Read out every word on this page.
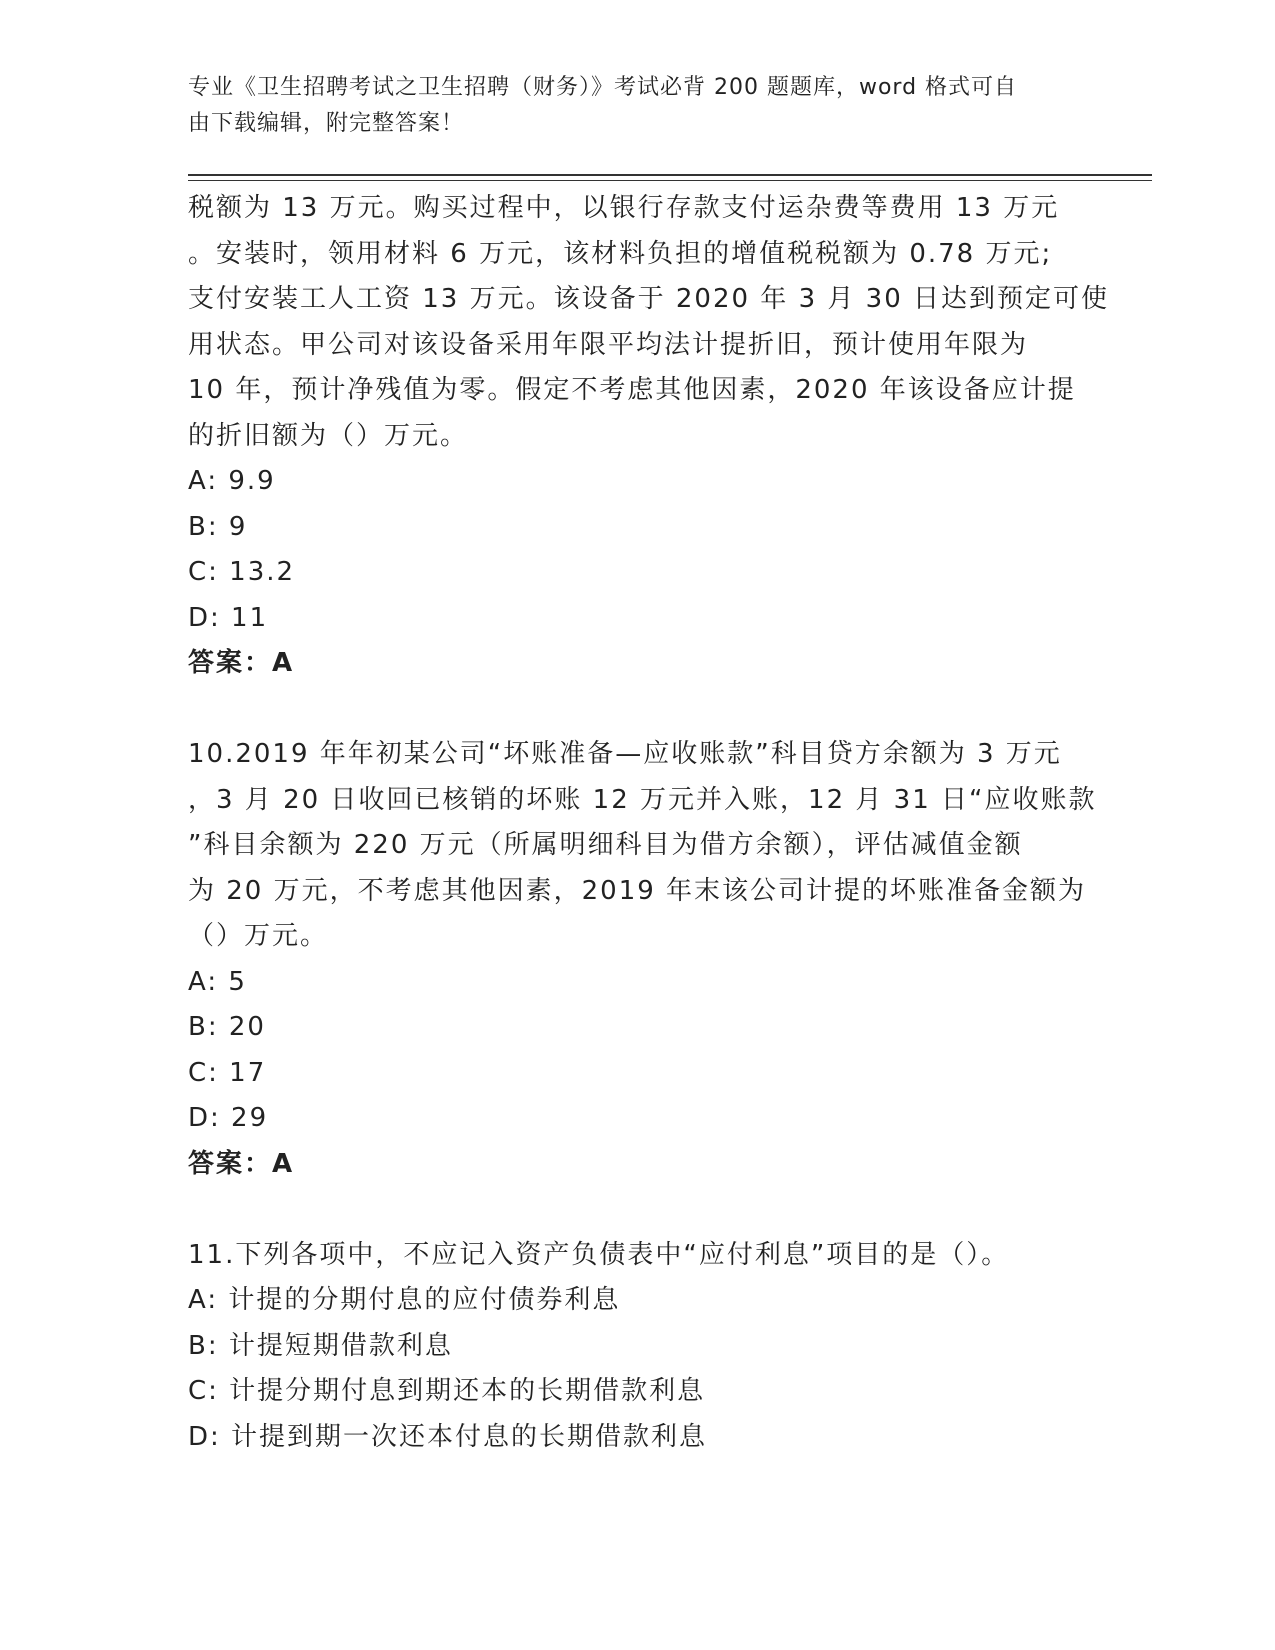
专业《卫生招聘考试之卫生招聘（财务）》考试必背 200 题题库，word 格式可自
由下载编辑，附完整答案！
税额为 13 万元。购买过程中，以银行存款支付运杂费等费用 13 万元
。安装时，领用材料 6 万元，该材料负担的增值税税额为 0.78 万元;
支付安装工人工资 13 万元。该设备于 2020 年 3 月 30 日达到预定可使
用状态。甲公司对该设备采用年限平均法计提折旧，预计使用年限为
10 年，预计净残值为零。假定不考虑其他因素，2020 年该设备应计提
的折旧额为（）万元。
A: 9.9
B: 9
C: 13.2
D: 11
答案：A
10.2019 年年初某公司“坏账准备—应收账款”科目贷方余额为 3 万元
，3 月 20 日收回已核销的坏账 12 万元并入账，12 月 31 日“应收账款
”科目余额为 220 万元（所属明细科目为借方余额），评估减值金额
为 20 万元，不考虑其他因素，2019 年末该公司计提的坏账准备金额为
（）万元。
A: 5
B: 20
C: 17
D: 29
答案：A
11.下列各项中，不应记入资产负债表中“应付利息”项目的是（）。
A: 计提的分期付息的应付债券利息
B: 计提短期借款利息
C: 计提分期付息到期还本的长期借款利息
D: 计提到期一次还本付息的长期借款利息
